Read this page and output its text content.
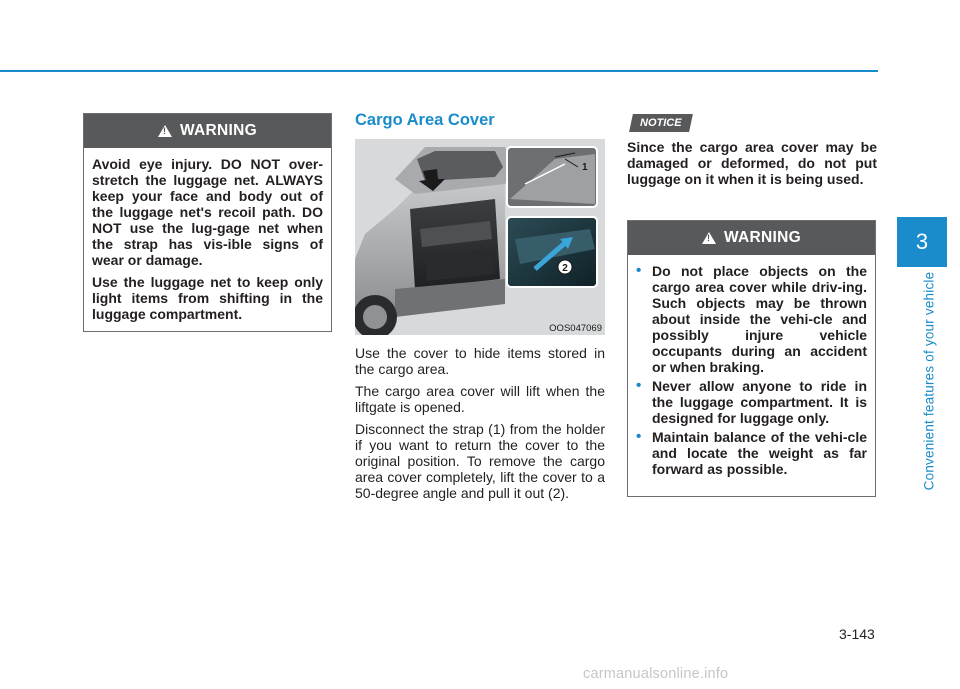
!
WARNING

Avoid eye injury. DO NOT over-stretch the luggage net. ALWAYS keep your face and body out of the luggage net's recoil path. DO NOT use the lug-gage net when the strap has vis-ible signs of wear or damage.

Use the luggage net to keep only light items from shifting in the luggage compartment.

Cargo Area Cover
2
1
OOS047069

Use the cover to hide items stored in the cargo area.

The cargo area cover will lift when the liftgate is opened.

Disconnect the strap (1) from the holder if you want to return the cover to the original position. To remove the cargo area cover completely, lift the cover to a 50-degree angle and pull it out (2).

NOTICE
Since the cargo area cover may be damaged or deformed, do not put luggage on it when it is being used.
!
WARNING
• Do not place objects on the cargo area cover while driv-ing. Such objects may be thrown about inside the vehi-cle and possibly injure vehicle occupants during an accident or when braking.
• Never allow anyone to ride in the luggage compartment. It is designed for luggage only.
• Maintain balance of the vehi-cle and locate the weight as far forward as possible.
3
Convenient features of your vehicle
3-143
carmanualsonline.info
